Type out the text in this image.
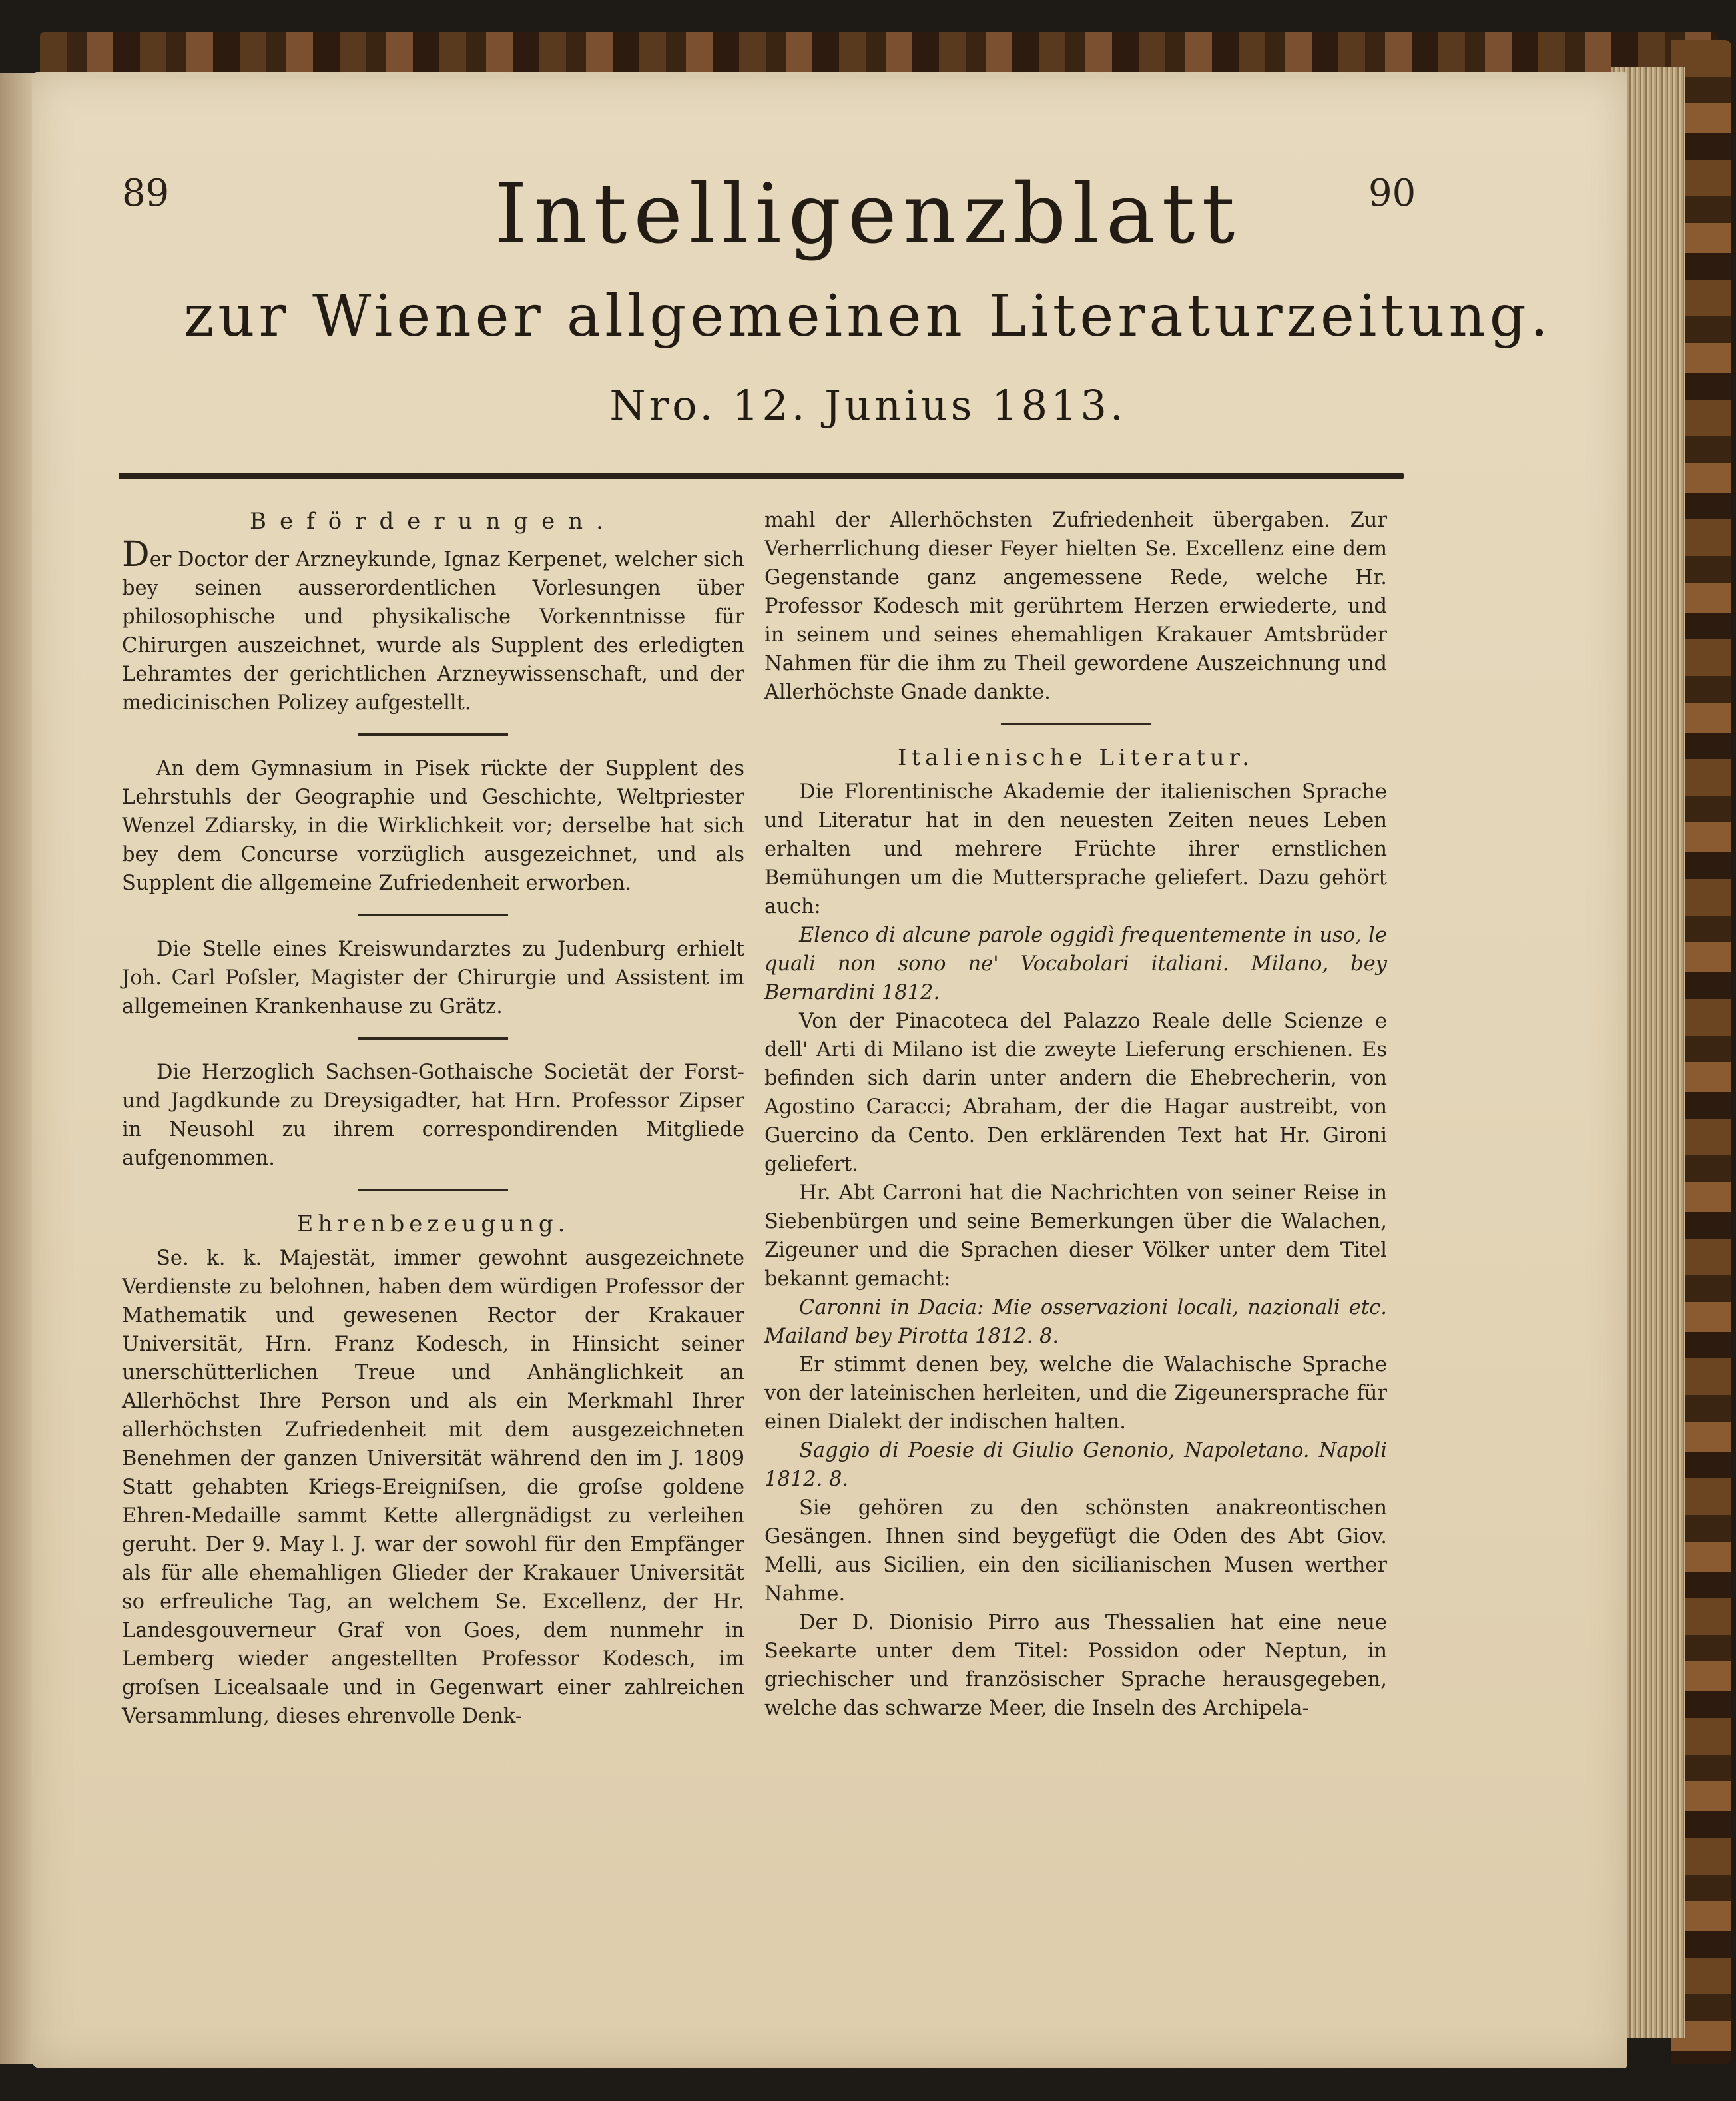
89	90
Intelligenzblatt
zur Wiener allgemeinen Literaturzeitung.
Nro. 12. Junius 1813.
Beförderungen.

Der Doctor der Arzneykunde, Ignaz Kerpenet, welcher sich bey seinen ausserordentlichen Vorlesungen über philosophische und physikalische Vorkenntnisse für Chirurgen auszeichnet, wurde als Supplent des erledigten Lehramtes der gerichtlichen Arzneywissenschaft, und der medicinischen Polizey aufgestellt.

An dem Gymnasium in Pisek rückte der Supplent des Lehrstuhls der Geographie und Geschichte, Weltpriester Wenzel Zdiarsky, in die Wirklichkeit vor; derselbe hat sich bey dem Concurse vorzüglich ausgezeichnet, und als Supplent die allgemeine Zufriedenheit erworben.

Die Stelle eines Kreiswundarztes zu Judenburg erhielt Joh. Carl Poſsler, Magister der Chirurgie und Assistent im allgemeinen Krankenhause zu Grätz.

Die Herzoglich Sachsen-Gothaische Societät der Forst- und Jagdkunde zu Dreysigadter, hat Hrn. Professor Zipser in Neusohl zu ihrem correspondirenden Mitgliede aufgenommen.

Ehrenbezeugung.

Se. k. k. Majestät, immer gewohnt ausgezeichnete Verdienste zu belohnen, haben dem würdigen Professor der Mathematik und gewesenen Rector der Krakauer Universität, Hrn. Franz Kodesch, in Hinsicht seiner unerschütterlichen Treue und Anhänglichkeit an Allerhöchst Ihre Person und als ein Merkmahl Ihrer allerhöchsten Zufriedenheit mit dem ausgezeichneten Benehmen der ganzen Universität während den im J. 1809 Statt gehabten Kriegs-Ereigniſsen, die groſse goldene Ehren-Medaille sammt Kette allergnädigst zu verleihen geruht. Der 9. May l. J. war der sowohl für den Empfänger als für alle ehemahligen Glieder der Krakauer Universität so erfreuliche Tag, an welchem Se. Excellenz, der Hr. Landesgouverneur Graf von Goes, dem nunmehr in Lemberg wieder angestellten Professor Kodesch, im groſsen Licealsaale und in Gegenwart einer zahlreichen Versammlung, dieses ehrenvolle Denk-

mahl der Allerhöchsten Zufriedenheit übergaben. Zur Verherrlichung dieser Feyer hielten Se. Excellenz eine dem Gegenstande ganz angemessene Rede, welche Hr. Professor Kodesch mit gerührtem Herzen erwiederte, und in seinem und seines ehemahligen Krakauer Amtsbrüder Nahmen für die ihm zu Theil gewordene Auszeichnung und Allerhöchste Gnade dankte.

Italienische Literatur.

Die Florentinische Akademie der italienischen Sprache und Literatur hat in den neuesten Zeiten neues Leben erhalten und mehrere Früchte ihrer ernstlichen Bemühungen um die Muttersprache geliefert. Dazu gehört auch:

Elenco di alcune parole oggidì frequentemente in uso, le quali non sono ne' Vocabolari italiani. Milano, bey Bernardini 1812.

Von der Pinacoteca del Palazzo Reale delle Scienze e dell' Arti di Milano ist die zweyte Lieferung erschienen. Es befinden sich darin unter andern die Ehebrecherin, von Agostino Caracci; Abraham, der die Hagar austreibt, von Guercino da Cento. Den erklärenden Text hat Hr. Gironi geliefert.

Hr. Abt Carroni hat die Nachrichten von seiner Reise in Siebenbürgen und seine Bemerkungen über die Walachen, Zigeuner und die Sprachen dieser Völker unter dem Titel bekannt gemacht:

Caronni in Dacia: Mie osservazioni locali, nazionali etc. Mailand bey Pirotta 1812. 8.

Er stimmt denen bey, welche die Walachische Sprache von der lateinischen herleiten, und die Zigeunersprache für einen Dialekt der indischen halten.

Saggio di Poesie di Giulio Genonio, Napoletano. Napoli 1812. 8.

Sie gehören zu den schönsten anakreontischen Gesängen. Ihnen sind beygefügt die Oden des Abt Giov. Melli, aus Sicilien, ein den sicilianischen Musen werther Nahme.

Der D. Dionisio Pirro aus Thessalien hat eine neue Seekarte unter dem Titel: Possidon oder Neptun, in griechischer und französischer Sprache herausgegeben, welche das schwarze Meer, die Inseln des Archipela-
